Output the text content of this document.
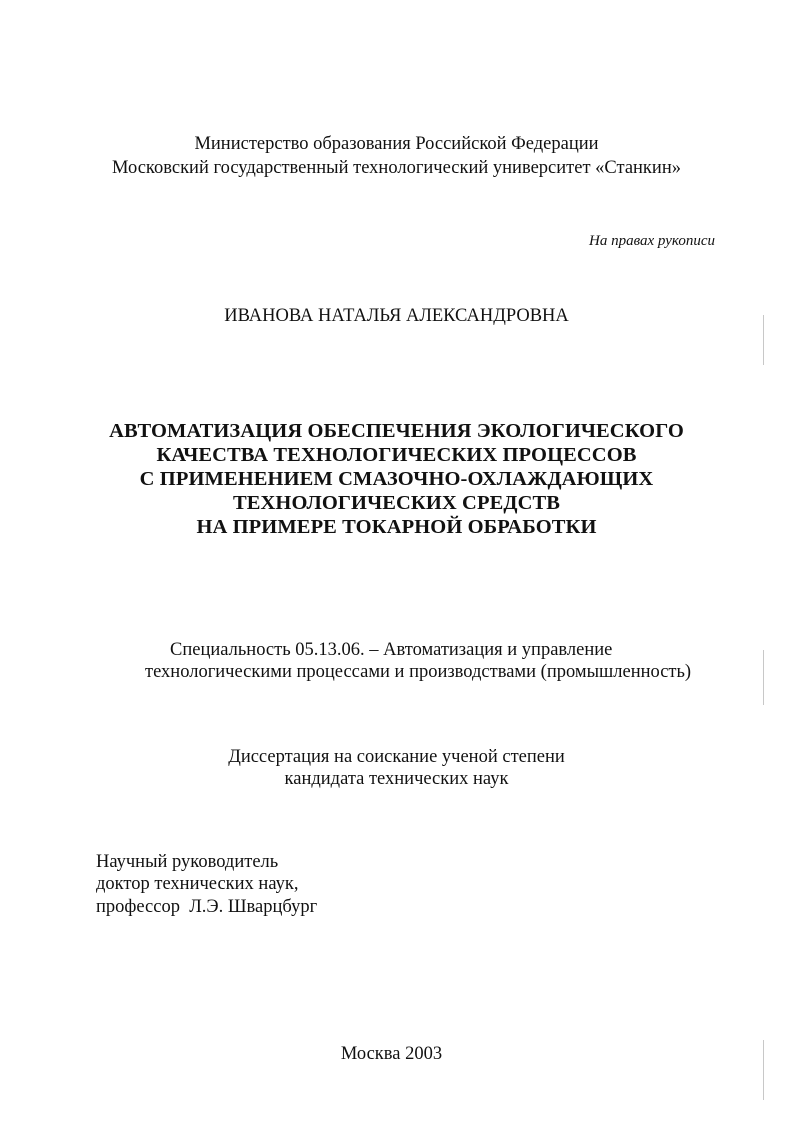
Министерство образования Российской Федерации
Московский государственный технологический университет «Станкин»
На правах рукописи
ИВАНОВА НАТАЛЬЯ АЛЕКСАНДРОВНА
АВТОМАТИЗАЦИЯ ОБЕСПЕЧЕНИЯ ЭКОЛОГИЧЕСКОГО
КАЧЕСТВА ТЕХНОЛОГИЧЕСКИХ ПРОЦЕССОВ
С ПРИМЕНЕНИЕМ СМАЗОЧНО-ОХЛАЖДАЮЩИХ
ТЕХНОЛОГИЧЕСКИХ СРЕДСТВ
НА ПРИМЕРЕ ТОКАРНОЙ ОБРАБОТКИ
Специальность 05.13.06. – Автоматизация и управление
технологическими процессами и производствами (промышленность)
Диссертация на соискание ученой степени
кандидата технических наук
Научный руководитель
доктор технических наук,
профессор  Л.Э. Шварцбург
Москва 2003
